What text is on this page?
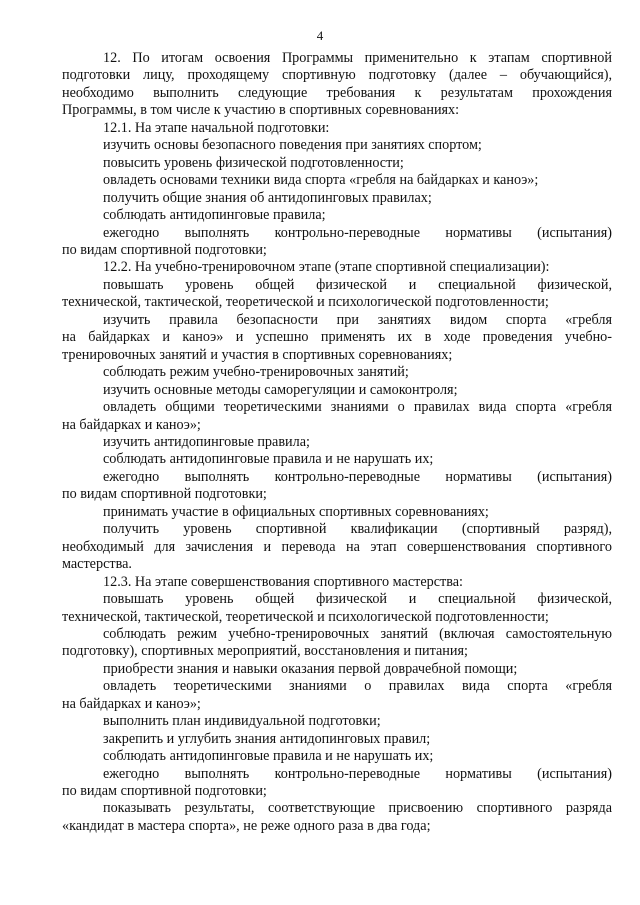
4
12. По итогам освоения Программы применительно к этапам спортивной
подготовки лицу, проходящему спортивную подготовку (далее – обучающийся),
необходимо выполнить следующие требования к результатам прохождения
Программы, в том числе к участию в спортивных соревнованиях:
12.1. На этапе начальной подготовки:
изучить основы безопасного поведения при занятиях спортом;
повысить уровень физической подготовленности;
овладеть основами техники вида спорта «гребля на байдарках и каноэ»;
получить общие знания об антидопинговых правилах;
соблюдать антидопинговые правила;
ежегодно выполнять контрольно-переводные нормативы (испытания)
по видам спортивной подготовки;
12.2. На учебно-тренировочном этапе (этапе спортивной специализации):
повышать уровень общей физической и специальной физической,
технической, тактической, теоретической и психологической подготовленности;
изучить правила безопасности при занятиях видом спорта «гребля
на байдарках и каноэ» и успешно применять их в ходе проведения учебно-
тренировочных занятий и участия в спортивных соревнованиях;
соблюдать режим учебно-тренировочных занятий;
изучить основные методы саморегуляции и самоконтроля;
овладеть общими теоретическими знаниями о правилах вида спорта «гребля
на байдарках и каноэ»;
изучить антидопинговые правила;
соблюдать антидопинговые правила и не нарушать их;
ежегодно выполнять контрольно-переводные нормативы (испытания)
по видам спортивной подготовки;
принимать участие в официальных спортивных соревнованиях;
получить уровень спортивной квалификации (спортивный разряд),
необходимый для зачисления и перевода на этап совершенствования спортивного
мастерства.
12.3. На этапе совершенствования спортивного мастерства:
повышать уровень общей физической и специальной физической,
технической, тактической, теоретической и психологической подготовленности;
соблюдать режим учебно-тренировочных занятий (включая самостоятельную
подготовку), спортивных мероприятий, восстановления и питания;
приобрести знания и навыки оказания первой доврачебной помощи;
овладеть теоретическими знаниями о правилах вида спорта «гребля
на байдарках и каноэ»;
выполнить план индивидуальной подготовки;
закрепить и углубить знания антидопинговых правил;
соблюдать антидопинговые правила и не нарушать их;
ежегодно выполнять контрольно-переводные нормативы (испытания)
по видам спортивной подготовки;
показывать результаты, соответствующие присвоению спортивного разряда
«кандидат в мастера спорта», не реже одного раза в два года;
